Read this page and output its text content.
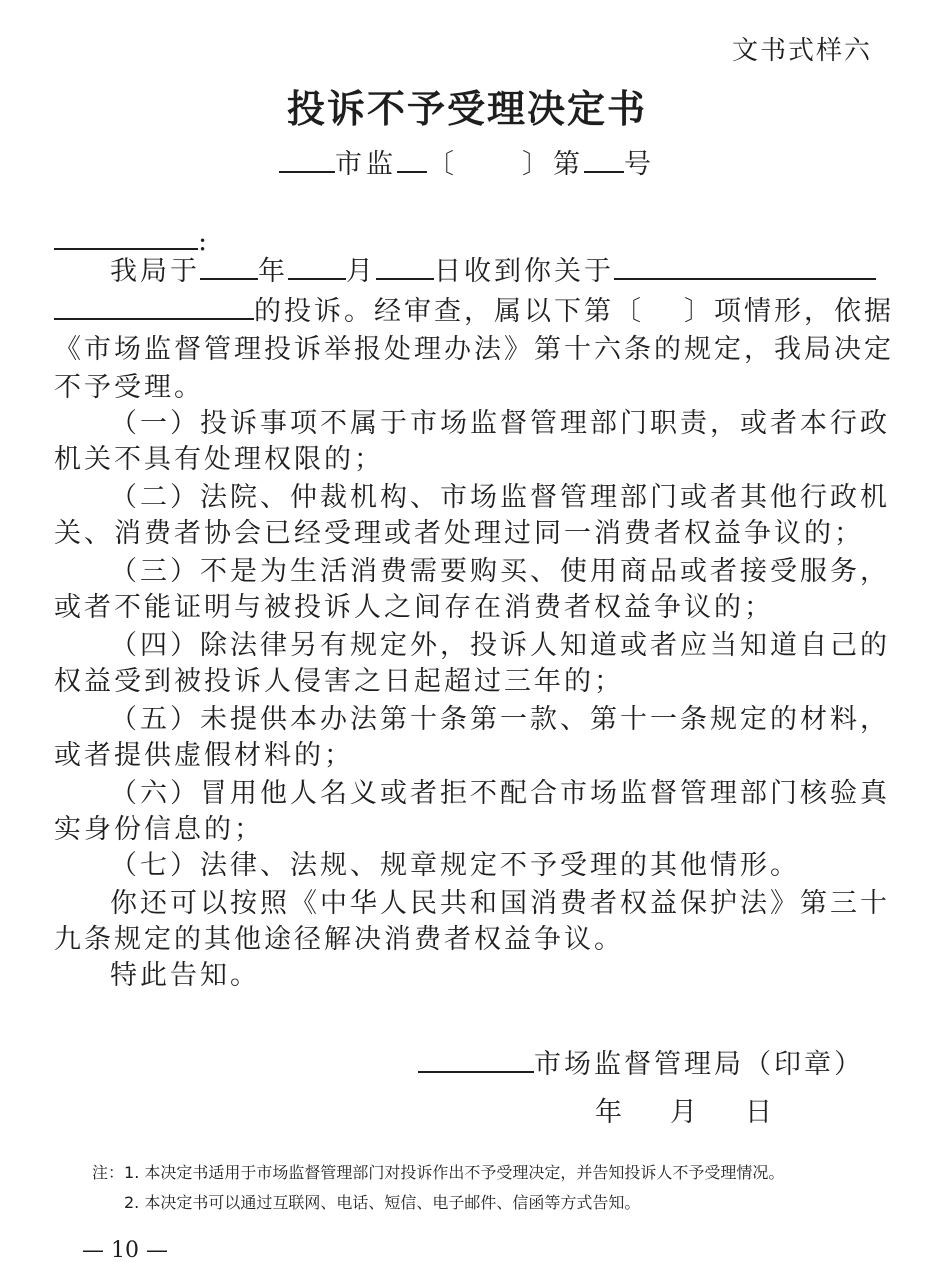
文书式样六
投诉不予受理决定书
市监 〔 〕第 号
:
我局于 年 月 日收到你关于
的投诉。经审查，属以下第〔 〕项情形，依据
《市场监督管理投诉举报处理办法》第十六条的规定，我局决定
不予受理。
（一）投诉事项不属于市场监督管理部门职责，或者本行政
机关不具有处理权限的；
（二）法院、仲裁机构、市场监督管理部门或者其他行政机
关、消费者协会已经受理或者处理过同一消费者权益争议的；
（三）不是为生活消费需要购买、使用商品或者接受服务，
或者不能证明与被投诉人之间存在消费者权益争议的；
（四）除法律另有规定外，投诉人知道或者应当知道自己的
权益受到被投诉人侵害之日起超过三年的；
（五）未提供本办法第十条第一款、第十一条规定的材料，
或者提供虚假材料的；
（六）冒用他人名义或者拒不配合市场监督管理部门核验真
实身份信息的；
（七）法律、法规、规章规定不予受理的其他情形。
你还可以按照《中华人民共和国消费者权益保护法》第三十
九条规定的其他途径解决消费者权益争议。
特此告知。
市场监督管理局（印章）
年 月 日
注：1. 本决定书适用于市场监督管理部门对投诉作出不予受理决定，并告知投诉人不予受理情况。
2. 本决定书可以通过互联网、电话、短信、电子邮件、信函等方式告知。
— 10 —
